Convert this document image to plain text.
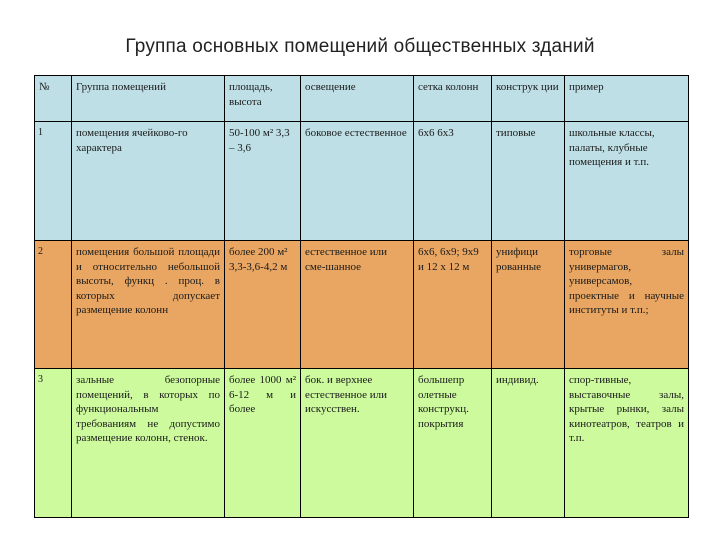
Группа основных помещений общественных зданий
№	Группа помещений	площадь, высота	освещение	сетка колонн	конструк ции	пример
1	помещения ячейково-го характера	50-100 м² 3,3 – 3,6	боковое естественное	6х6 6х3	типовые	школьные классы, палаты, клубные помещения и т.п.
2	помещения большой площади и относительно небольшой высоты, функц . проц. в которых допускает размещение колонн	более 200 м² 3,3-3,6-4,2 м	естественное или сме-шанное	6х6, 6х9; 9х9 и 12 х 12 м	унифици рованные	торговые залы универмагов, универсамов, проектные и научные институты и т.п.;
3	зальные безопорные помещений, в которых по функциональным требованиям не допустимо размещение колонн, стенок.	более 1000 м² 6-12 м и более	бок. и верхнее естественное или искусствен.	большепр олетные конструкц. покрытия	индивид.	спор-тивные, выставочные залы, крытые рынки, залы кинотеатров, театров и т.п.
